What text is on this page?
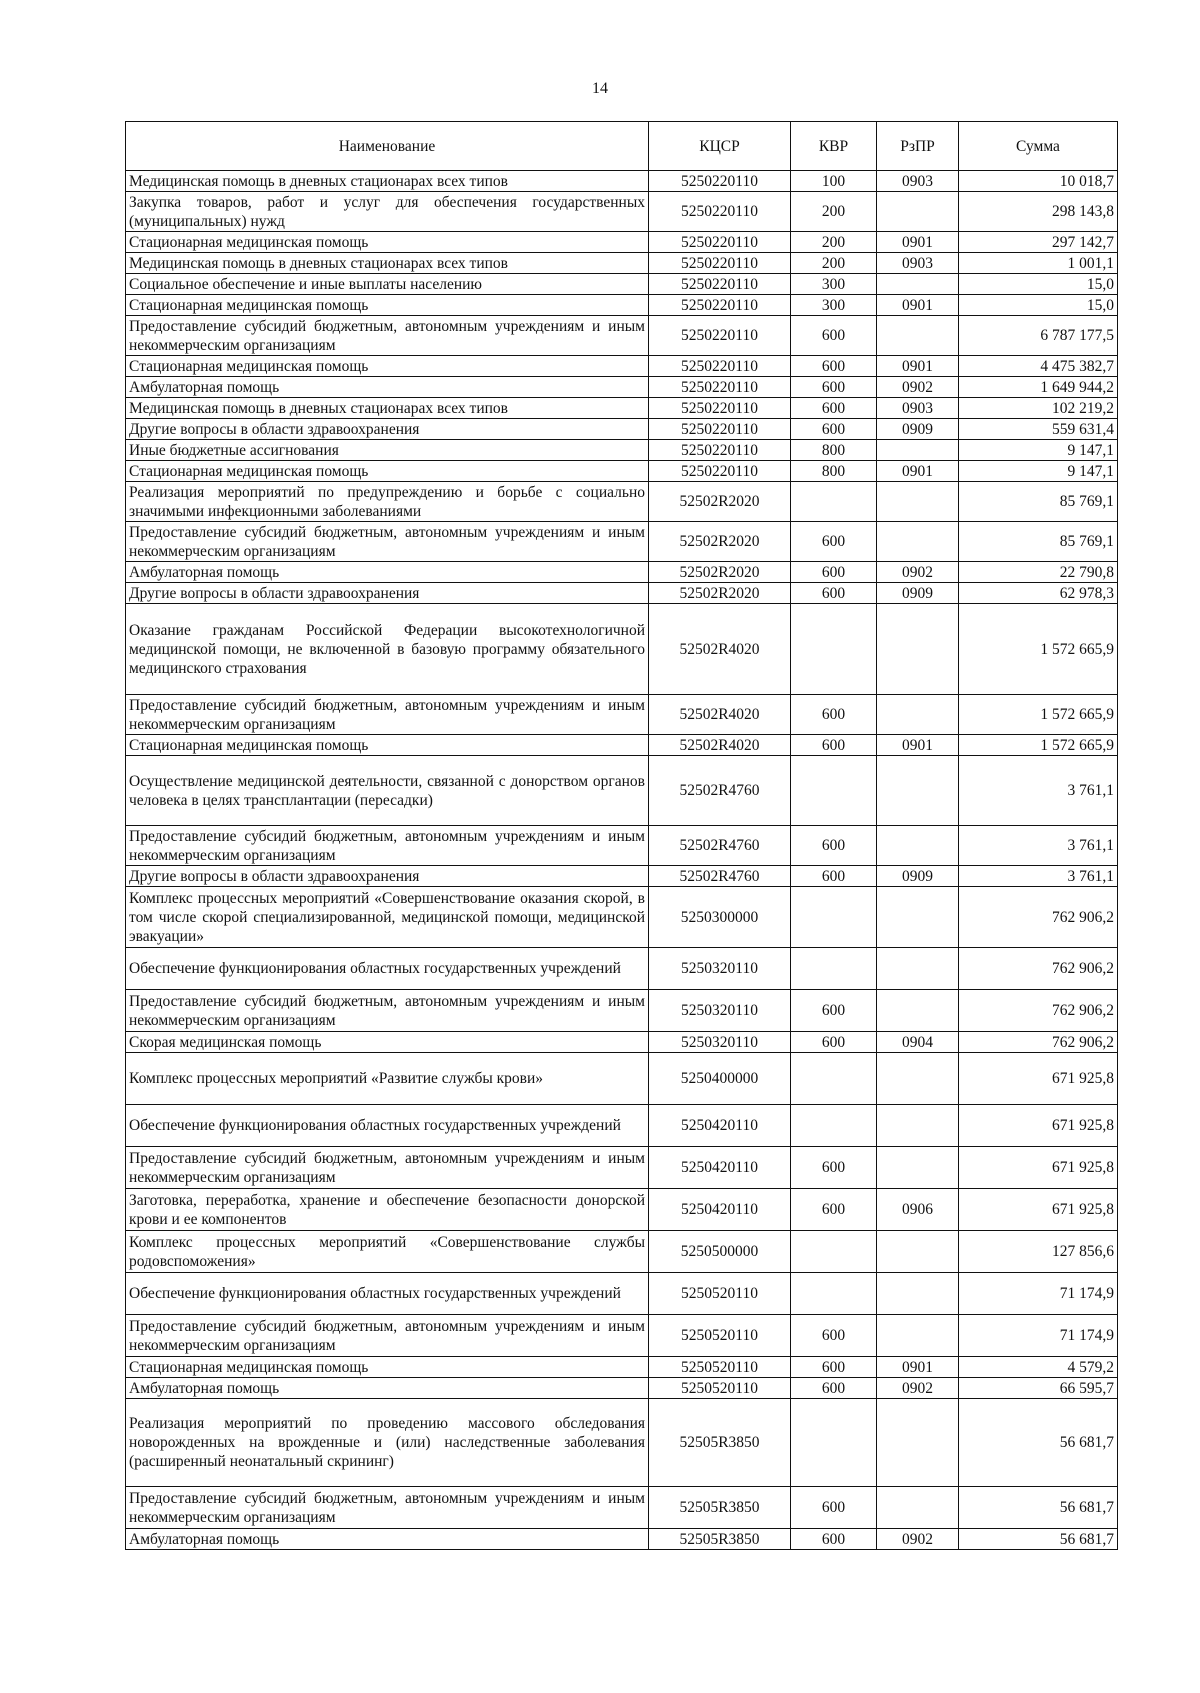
14
Наименование	КЦСР	КВР	РзПР	Сумма
Медицинская помощь в дневных стационарах всех типов	5250220110	100	0903	10 018,7
Закупка товаров, работ и услуг для обеспечения государственных (муниципальных) нужд	5250220110	200		298 143,8
Стационарная медицинская помощь	5250220110	200	0901	297 142,7
Медицинская помощь в дневных стационарах всех типов	5250220110	200	0903	1 001,1
Социальное обеспечение и иные выплаты населению	5250220110	300		15,0
Стационарная медицинская помощь	5250220110	300	0901	15,0
Предоставление субсидий бюджетным, автономным учреждениям и иным некоммерческим организациям	5250220110	600		6 787 177,5
Стационарная медицинская помощь	5250220110	600	0901	4 475 382,7
Амбулаторная помощь	5250220110	600	0902	1 649 944,2
Медицинская помощь в дневных стационарах всех типов	5250220110	600	0903	102 219,2
Другие вопросы в области здравоохранения	5250220110	600	0909	559 631,4
Иные бюджетные ассигнования	5250220110	800		9 147,1
Стационарная медицинская помощь	5250220110	800	0901	9 147,1
Реализация мероприятий по предупреждению и борьбе с социально значимыми инфекционными заболеваниями	52502R2020			85 769,1
Предоставление субсидий бюджетным, автономным учреждениям и иным некоммерческим организациям	52502R2020	600		85 769,1
Амбулаторная помощь	52502R2020	600	0902	22 790,8
Другие вопросы в области здравоохранения	52502R2020	600	0909	62 978,3
Оказание гражданам Российской Федерации высокотехнологичной медицинской помощи, не включенной в базовую программу обязательного медицинского страхования	52502R4020			1 572 665,9
Предоставление субсидий бюджетным, автономным учреждениям и иным некоммерческим организациям	52502R4020	600		1 572 665,9
Стационарная медицинская помощь	52502R4020	600	0901	1 572 665,9
Осуществление медицинской деятельности, связанной с донорством органов человека в целях трансплантации (пересадки)	52502R4760			3 761,1
Предоставление субсидий бюджетным, автономным учреждениям и иным некоммерческим организациям	52502R4760	600		3 761,1
Другие вопросы в области здравоохранения	52502R4760	600	0909	3 761,1
Комплекс процессных мероприятий «Совершенствование оказания скорой, в том числе скорой специализированной, медицинской помощи, медицинской эвакуации»	5250300000			762 906,2
Обеспечение функционирования областных государственных учреждений	5250320110			762 906,2
Предоставление субсидий бюджетным, автономным учреждениям и иным некоммерческим организациям	5250320110	600		762 906,2
Скорая медицинская помощь	5250320110	600	0904	762 906,2
Комплекс процессных мероприятий «Развитие службы крови»	5250400000			671 925,8
Обеспечение функционирования областных государственных учреждений	5250420110			671 925,8
Предоставление субсидий бюджетным, автономным учреждениям и иным некоммерческим организациям	5250420110	600		671 925,8
Заготовка, переработка, хранение и обеспечение безопасности донорской крови и ее компонентов	5250420110	600	0906	671 925,8
Комплекс процессных мероприятий «Совершенствование службы родовспоможения»	5250500000			127 856,6
Обеспечение функционирования областных государственных учреждений	5250520110			71 174,9
Предоставление субсидий бюджетным, автономным учреждениям и иным некоммерческим организациям	5250520110	600		71 174,9
Стационарная медицинская помощь	5250520110	600	0901	4 579,2
Амбулаторная помощь	5250520110	600	0902	66 595,7
Реализация мероприятий по проведению массового обследования новорожденных на врожденные и (или) наследственные заболевания (расширенный неонатальный скрининг)	52505R3850			56 681,7
Предоставление субсидий бюджетным, автономным учреждениям и иным некоммерческим организациям	52505R3850	600		56 681,7
Амбулаторная помощь	52505R3850	600	0902	56 681,7
